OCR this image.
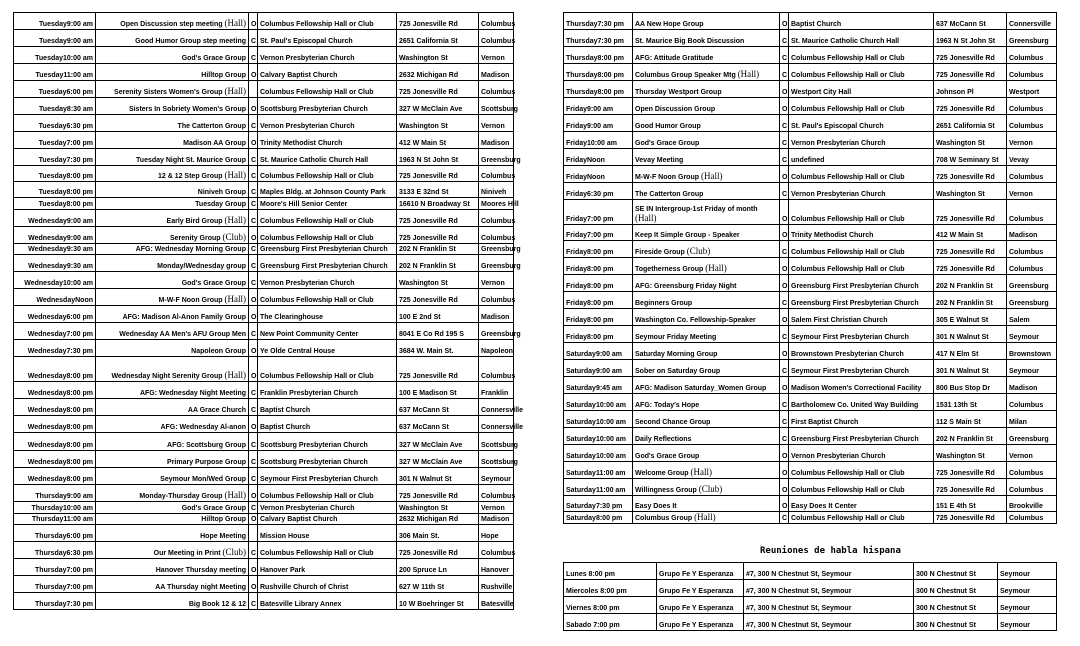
Tuesday9:00 am	Open Discussion step meeting (Hall)	O	Columbus Fellowship Hall or Club	725 Jonesville Rd	Columbus
Tuesday9:00 am	Good Humor Group step meeting	C	St. Paul's Episcopal Church	2651 California St	Columbus
Tuesday10:00 am	God's Grace Group	C	Vernon Presbyterian Church	Washington St	Vernon
Tuesday11:00 am	Hilltop Group	O	Calvary Baptist Church	2632 Michigan Rd	Madison
Tuesday6:00 pm	Serenity Sisters Women's Group (Hall)		Columbus Fellowship Hall or Club	725 Jonesville Rd	Columbus
Tuesday8:30 am	Sisters In Sobriety Women's Group	O	Scottsburg Presbyterian Church	327 W McClain Ave	Scottsburg
Tuesday6:30 pm	The Catterton Group	C	Vernon Presbyterian Church	Washington St	Vernon
Tuesday7:00 pm	Madison AA Group	O	Trinity Methodist Church	412 W Main St	Madison
Tuesday7:30 pm	Tuesday Night St. Maurice Group	C	St. Maurice Catholic Church Hall	1963 N St John St	Greensburg
Tuesday8:00 pm	12 & 12 Step Group (Hall)	C	Columbus Fellowship Hall or Club	725 Jonesville Rd	Columbus
Tuesday8:00 pm	Niniveh Group	C	Maples Bldg. at Johnson County Park	3133 E 32nd St	Niniveh
Tuesday8:00 pm	Tuesday Group	C	Moore's Hill Senior Center	16610 N Broadway St	Moores Hill
Wednesday9:00 am	Early Bird Group (Hall)	C	Columbus Fellowship Hall or Club	725 Jonesville Rd	Columbus
Wednesday9:00 am	Serenity Group (Club)	O	Columbus Fellowship Hall or Club	725 Jonesville Rd	Columbus
Wednesday9:30 am	AFG: Wednesday Morning Group	C	Greensburg First Presbyterian Church	202 N Franklin St	Greensburg
Wednesday9:30 am	Monday/Wednesday group	C	Greensburg First Presbyterian Church	202 N Franklin St	Greensburg
Wednesday10:00 am	God's Grace Group	C	Vernon Presbyterian Church	Washington St	Vernon
WednesdayNoon	M-W-F Noon Group (Hall)	O	Columbus Fellowship Hall or Club	725 Jonesville Rd	Columbus
Wednesday6:00 pm	AFG: Madison Al-Anon Family Group	O	The Clearinghouse	100 E 2nd St	Madison
Wednesday7:00 pm	Wednesday AA Men's AFU Group Men	C	New Point Community Center	8041 E Co Rd 195 S	Greensburg
Wednesday7:30 pm	Napoleon Group	O	Ye Olde Central House	3684 W. Main St.	Napoleon
Wednesday8:00 pm	Wednesday Night Serenity Group (Hall)	O	Columbus Fellowship Hall or Club	725 Jonesville Rd	Columbus
Wednesday8:00 pm	AFG: Wednesday Night Meeting	C	Franklin Presbyterian Church	100 E Madison St	Franklin
Wednesday8:00 pm	AA Grace Church	C	Baptist Church	637 McCann St	Connersville
Wednesday8:00 pm	AFG: Wednesday Al-anon	O	Baptist Church	637 McCann St	Connersville
Wednesday8:00 pm	AFG: Scottsburg Group	C	Scottsburg Presbyterian Church	327 W McClain Ave	Scottsburg
Wednesday8:00 pm	Primary Purpose Group	C	Scottsburg Presbyterian Church	327 W McClain Ave	Scottsburg
Wednesday8:00 pm	Seymour Mon/Wed Group	C	Seymour First Presbyterian Church	301 N Walnut St	Seymour
Thursday9:00 am	Monday-Thursday Group (Hall)	O	Columbus Fellowship Hall or Club	725 Jonesville Rd	Columbus
Thursday10:00 am	God's Grace Group	C	Vernon Presbyterian Church	Washington St	Vernon
Thursday11:00 am	Hilltop Group	O	Calvary Baptist Church	2632 Michigan Rd	Madison
Thursday6:00 pm	Hope Meeting		Mission House	306 Main St.	Hope
Thursday6:30 pm	Our Meeting in Print (Club)	C	Columbus Fellowship Hall or Club	725 Jonesville Rd	Columbus
Thursday7:00 pm	Hanover Thursday meeting	O	Hanover Park	200 Spruce Ln	Hanover
Thursday7:00 pm	AA Thursday night Meeting	O	Rushville Church of Christ	627 W 11th St	Rushville
Thursday7:30 pm	Big Book 12 & 12	C	Batesville Library Annex	10 W Boehringer St	Batesville
Thursday7:30 pm	AA New Hope Group	O	Baptist Church	637 McCann St	Connersville
Thursday7:30 pm	St. Maurice Big Book Discussion	C	St. Maurice Catholic Church Hall	1963 N St John St	Greensburg
Thursday8:00 pm	AFG: Attitude Gratitude	C	Columbus Fellowship Hall or Club	725 Jonesville Rd	Columbus
Thursday8:00 pm	Columbus Group Speaker Mtg (Hall)	C	Columbus Fellowship Hall or Club	725 Jonesville Rd	Columbus
Thursday8:00 pm	Thursday Westport Group	O	Westport City Hall	Johnson Pl	Westport
Friday9:00 am	Open Discussion Group	O	Columbus Fellowship Hall or Club	725 Jonesville Rd	Columbus
Friday9:00 am	Good Humor Group	C	St. Paul's Episcopal Church	2651 California St	Columbus
Friday10:00 am	God's Grace Group	C	Vernon Presbyterian Church	Washington St	Vernon
FridayNoon	Vevay Meeting	C	undefined	708 W Seminary St	Vevay
FridayNoon	M-W-F Noon Group (Hall)	O	Columbus Fellowship Hall or Club	725 Jonesville Rd	Columbus
Friday6:30 pm	The Catterton Group	C	Vernon Presbyterian Church	Washington St	Vernon
Friday7:00 pm	SE IN Intergroup-1st Friday of month (Hall)	O	Columbus Fellowship Hall or Club	725 Jonesville Rd	Columbus
Friday7:00 pm	Keep It Simple Group - Speaker	O	Trinity Methodist Church	412 W Main St	Madison
Friday8:00 pm	Fireside Group (Club)	C	Columbus Fellowship Hall or Club	725 Jonesville Rd	Columbus
Friday8:00 pm	Togetherness Group (Hall)	O	Columbus Fellowship Hall or Club	725 Jonesville Rd	Columbus
Friday8:00 pm	AFG: Greensburg Friday Night	O	Greensburg First Presbyterian Church	202 N Franklin St	Greensburg
Friday8:00 pm	Beginners Group	C	Greensburg First Presbyterian Church	202 N Franklin St	Greensburg
Friday8:00 pm	Washington Co. Fellowship-Speaker	O	Salem First Christian Church	305 E Walnut St	Salem
Friday8:00 pm	Seymour Friday Meeting	C	Seymour First Presbyterian Church	301 N Walnut St	Seymour
Saturday9:00 am	Saturday Morning Group	O	Brownstown Presbyterian Church	417 N Elm St	Brownstown
Saturday9:00 am	Sober on Saturday Group	C	Seymour First Presbyterian Church	301 N Walnut St	Seymour
Saturday9:45 am	AFG: Madison Saturday_Women Group	O	Madison Women's Correctional Facility	800 Bus Stop Dr	Madison
Saturday10:00 am	AFG: Today's Hope	C	Bartholomew Co. United Way Building	1531 13th St	Columbus
Saturday10:00 am	Second Chance Group	C	First Baptist Church	112 S Main St	Milan
Saturday10:00 am	Daily Reflections	C	Greensburg First Presbyterian Church	202 N Franklin St	Greensburg
Saturday10:00 am	God's Grace Group	O	Vernon Presbyterian Church	Washington St	Vernon
Saturday11:00 am	Welcome Group (Hall)	O	Columbus Fellowship Hall or Club	725 Jonesville Rd	Columbus
Saturday11:00 am	Willingness Group (Club)	O	Columbus Fellowship Hall or Club	725 Jonesville Rd	Columbus
Saturday7:30 pm	Easy Does It	O	Easy Does It Center	151 E 4th St	Brookville
Saturday8:00 pm	Columbus Group (Hall)	C	Columbus Fellowship Hall or Club	725 Jonesville Rd	Columbus
Reuniones de habla hispana
Lunes 8:00 pm	Grupo Fe Y Esperanza	#7, 300 N Chestnut St, Seymour	300 N Chestnut St	Seymour
Miercoles 8:00 pm	Grupo Fe Y Esperanza	#7, 300 N Chestnut St, Seymour	300 N Chestnut St	Seymour
Viernes 8:00 pm	Grupo Fe Y Esperanza	#7, 300 N Chestnut St, Seymour	300 N Chestnut St	Seymour
Sabado 7:00 pm	Grupo Fe Y Esperanza	#7, 300 N Chestnut St, Seymour	300 N Chestnut St	Seymour
